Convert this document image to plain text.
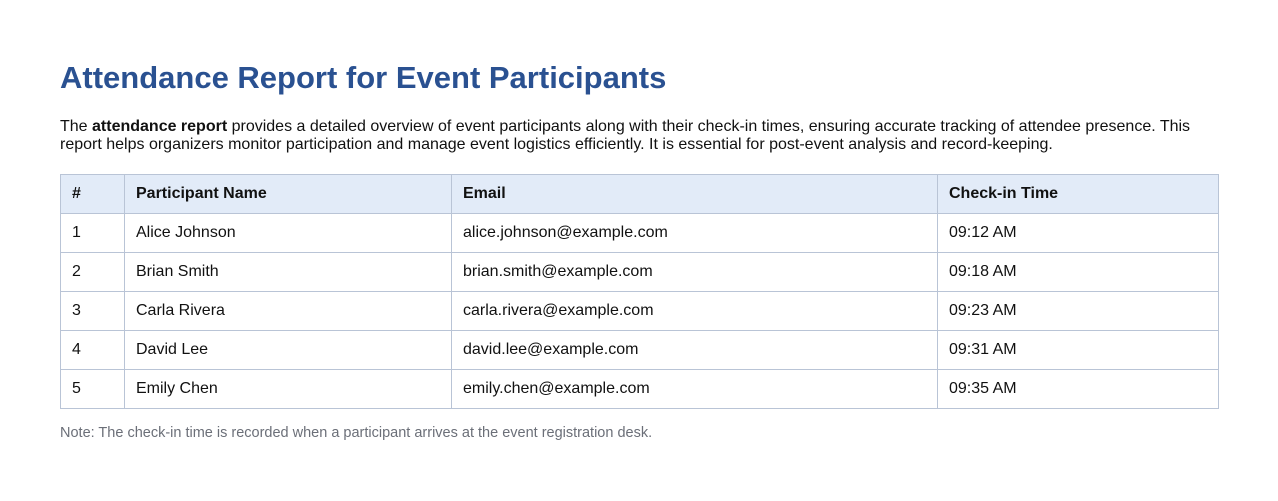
Attendance Report for Event Participants

The attendance report provides a detailed overview of event participants along with their check-in times, ensuring accurate tracking of attendee presence. This report helps organizers monitor participation and manage event logistics efficiently. It is essential for post-event analysis and record-keeping.

#	Participant Name	Email	Check-in Time
1	Alice Johnson	alice.johnson@example.com	09:12 AM
2	Brian Smith	brian.smith@example.com	09:18 AM
3	Carla Rivera	carla.rivera@example.com	09:23 AM
4	David Lee	david.lee@example.com	09:31 AM
5	Emily Chen	emily.chen@example.com	09:35 AM

Note: The check-in time is recorded when a participant arrives at the event registration desk.
